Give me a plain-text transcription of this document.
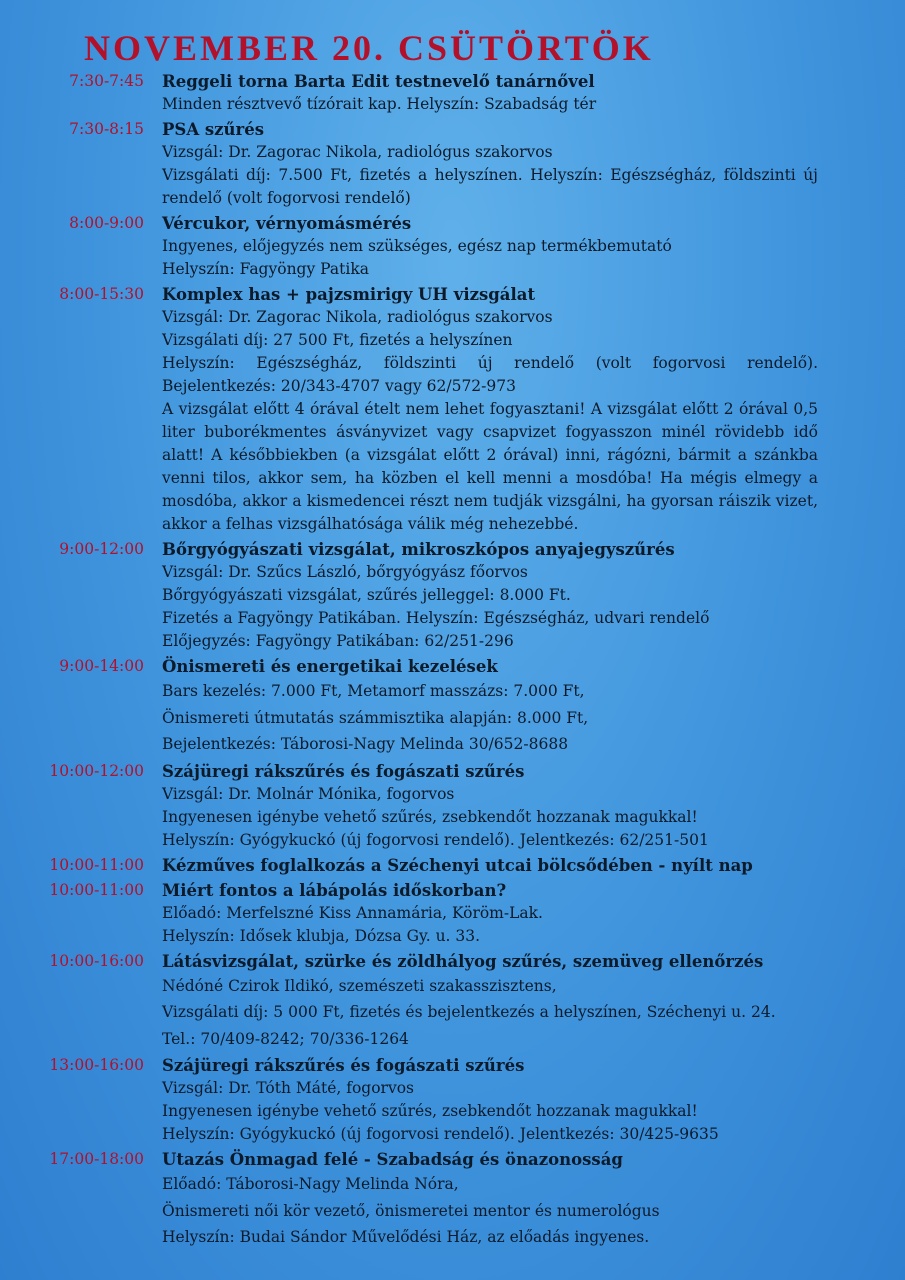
NOVEMBER 20. CSÜTÖRTÖK
7:30-7:45	Reggeli torna Barta Edit testnevelő tanárnővel
Minden résztvevő tízórait kap. Helyszín: Szabadság tér
7:30-8:15	PSA szűrés
Vizsgál: Dr. Zagorac Nikola, radiológus szakorvos
Vizsgálati díj: 7.500 Ft, fizetés a helyszínen. Helyszín: Egészségház, földszinti új rendelő (volt fogorvosi rendelő)
8:00-9:00	Vércukor, vérnyomásmérés
Ingyenes, előjegyzés nem szükséges, egész nap termékbemutató
Helyszín: Fagyöngy Patika
8:00-15:30	Komplex has + pajzsmirigy UH vizsgálat
Vizsgál: Dr. Zagorac Nikola, radiológus szakorvos
Vizsgálati díj: 27 500 Ft, fizetés a helyszínen
Helyszín: Egészségház, földszinti új rendelő (volt fogorvosi rendelő). Bejelentkezés: 20/343-4707 vagy 62/572-973
A vizsgálat előtt 4 órával ételt nem lehet fogyasztani! A vizsgálat előtt 2 órával 0,5 liter buborékmentes ásványvizet vagy csapvizet fogyasszon minél rövidebb idő alatt! A későbbiekben (a vizsgálat előtt 2 órával) inni, rágózni, bármit a szánkba venni tilos, akkor sem, ha közben el kell menni a mosdóba! Ha mégis elmegy a mosdóba, akkor a kismedencei részt nem tudják vizsgálni, ha gyorsan ráiszik vizet, akkor a felhas vizsgálhatósága válik még nehezebbé.
9:00-12:00	Bőrgyógyászati vizsgálat, mikroszkópos anyajegyszűrés
Vizsgál: Dr. Szűcs László, bőrgyógyász főorvos
Bőrgyógyászati vizsgálat, szűrés jelleggel: 8.000 Ft.
Fizetés a Fagyöngy Patikában. Helyszín: Egészségház, udvari rendelő
Előjegyzés: Fagyöngy Patikában: 62/251-296
9:00-14:00	Önismereti és energetikai kezelések
Bars kezelés: 7.000 Ft, Metamorf masszázs: 7.000 Ft,
Önismereti útmutatás számmisztika alapján: 8.000 Ft,
Bejelentkezés: Táborosi-Nagy Melinda 30/652-8688
10:00-12:00	Szájüregi rákszűrés és fogászati szűrés
Vizsgál: Dr. Molnár Mónika, fogorvos
Ingyenesen igénybe vehető szűrés, zsebkendőt hozzanak magukkal!
Helyszín: Gyógykuckó (új fogorvosi rendelő). Jelentkezés: 62/251-501
10:00-11:00	Kézműves foglalkozás a Széchenyi utcai bölcsődében - nyílt nap
10:00-11:00	Miért fontos a lábápolás időskorban?
Előadó: Merfelszné Kiss Annamária, Köröm-Lak.
Helyszín: Idősek klubja, Dózsa Gy. u. 33.
10:00-16:00	Látásvizsgálat, szürke és zöldhályog szűrés, szemüveg ellenőrzés
Nédóné Czirok Ildikó, szemészeti szakasszisztens,
Vizsgálati díj: 5 000 Ft, fizetés és bejelentkezés a helyszínen, Széchenyi u. 24.
Tel.: 70/409-8242; 70/336-1264
13:00-16:00	Szájüregi rákszűrés és fogászati szűrés
Vizsgál: Dr. Tóth Máté, fogorvos
Ingyenesen igénybe vehető szűrés, zsebkendőt hozzanak magukkal!
Helyszín: Gyógykuckó (új fogorvosi rendelő). Jelentkezés: 30/425-9635
17:00-18:00	Utazás Önmagad felé - Szabadság és önazonosság
Előadó: Táborosi-Nagy Melinda Nóra,
Önismereti női kör vezető, önismeretei mentor és numerológus
Helyszín: Budai Sándor Művelődési Ház, az előadás ingyenes.
